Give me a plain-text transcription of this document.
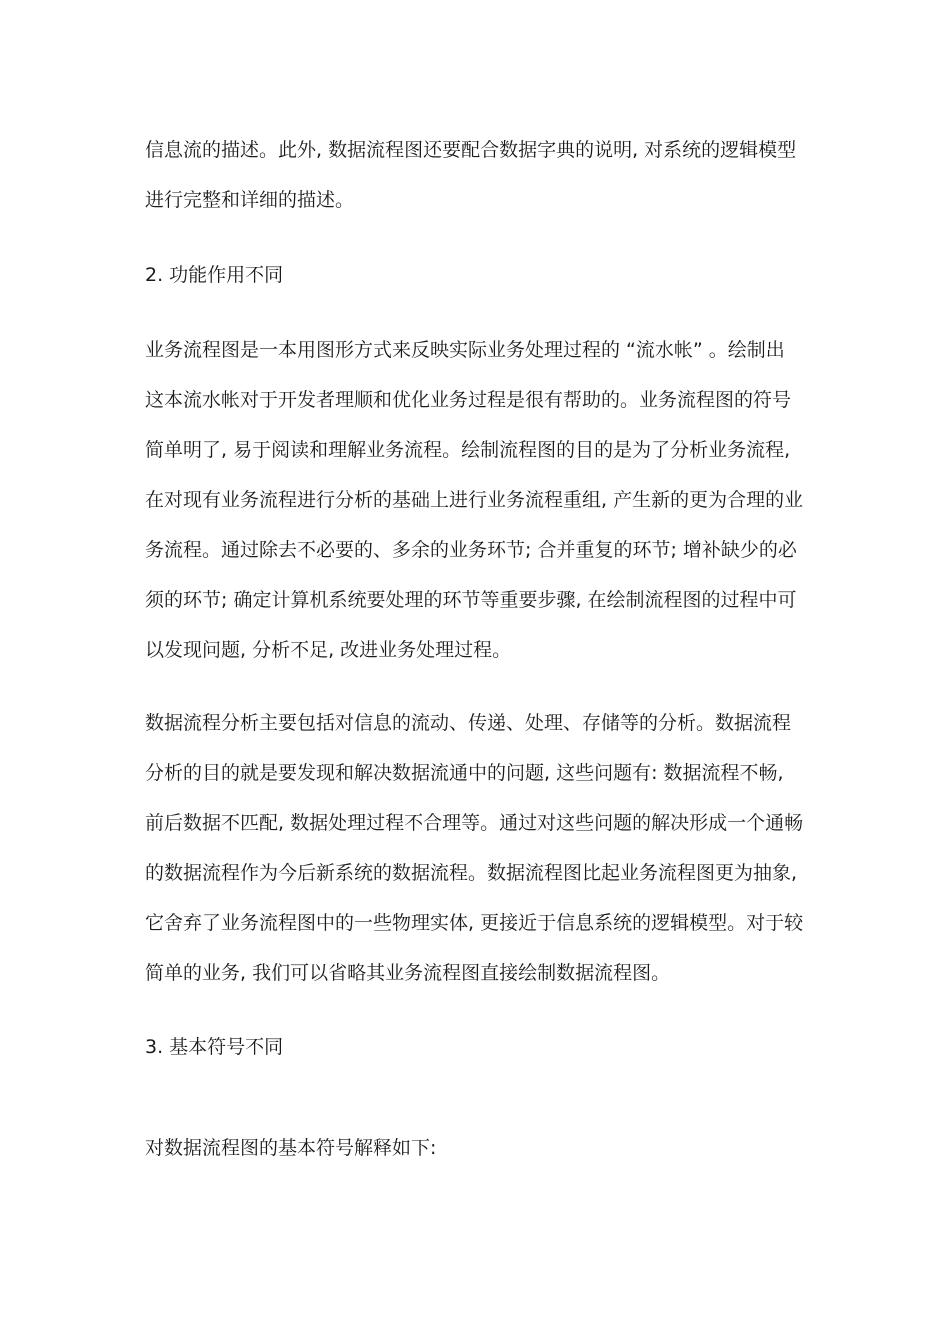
信息流的描述。此外, 数据流程图还要配合数据字典的说明, 对系统的逻辑模型
进行完整和详细的描述。
2. 功能作用不同
业务流程图是一本用图形方式来反映实际业务处理过程的 “流水帐” 。绘制出
这本流水帐对于开发者理顺和优化业务过程是很有帮助的。业务流程图的符号
简单明了, 易于阅读和理解业务流程。绘制流程图的目的是为了分析业务流程,
在对现有业务流程进行分析的基础上进行业务流程重组, 产生新的更为合理的业
务流程。通过除去不必要的、多余的业务环节; 合并重复的环节; 增补缺少的必
须的环节; 确定计算机系统要处理的环节等重要步骤, 在绘制流程图的过程中可
以发现问题, 分析不足, 改进业务处理过程。
数据流程分析主要包括对信息的流动、传递、处理、存储等的分析。数据流程
分析的目的就是要发现和解决数据流通中的问题, 这些问题有: 数据流程不畅,
前后数据不匹配, 数据处理过程不合理等。通过对这些问题的解决形成一个通畅
的数据流程作为今后新系统的数据流程。数据流程图比起业务流程图更为抽象,
它舍弃了业务流程图中的一些物理实体, 更接近于信息系统的逻辑模型。对于较
简单的业务, 我们可以省略其业务流程图直接绘制数据流程图。
3. 基本符号不同
对数据流程图的基本符号解释如下:
